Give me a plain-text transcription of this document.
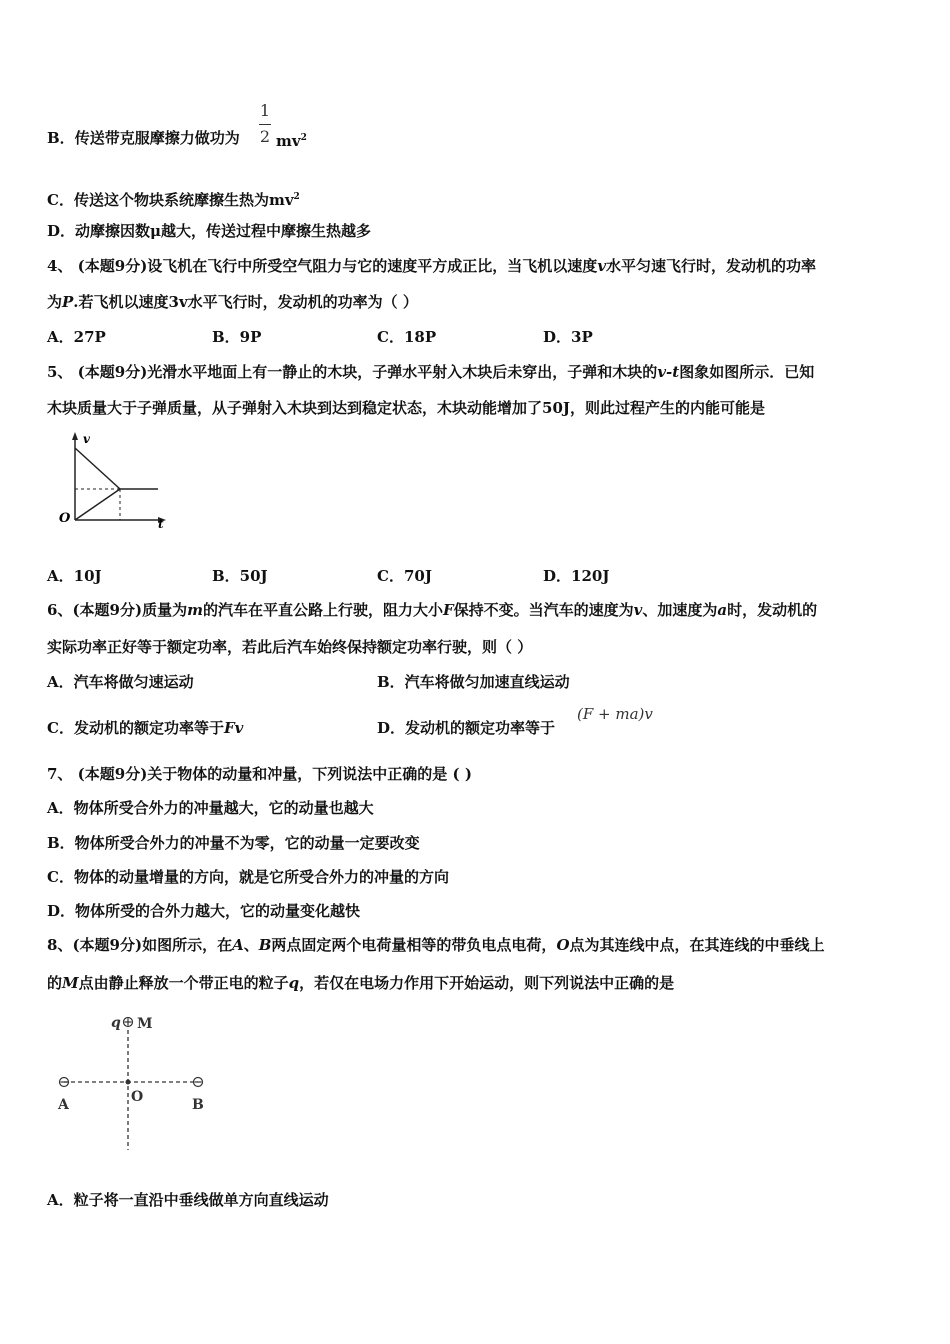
B．传送带克服摩擦力做功为
1
2 $mv^2$
C．传送这个物块系统摩擦生热为$mv^2$
D．动摩擦因数μ越大，传送过程中摩擦生热越多
4、 (本题9分)设飞机在飞行中所受空气阻力与它的速度平方成正比，当飞机以速度v水平匀速飞行时，发动机的功率
为P.若飞机以速度3v水平飞行时，发动机的功率为（ ）
A．27P	B．9P	C．18P	D．3P
5、 (本题9分)光滑水平地面上有一静止的木块，子弹水平射入木块后未穿出，子弹和木块的v-t图象如图所示．已知
木块质量大于子弹质量，从子弹射入木块到达到稳定状态，木块动能增加了50J，则此过程产生的内能可能是
v
t
O
A．10J	B．50J	C．70J	D．120J
6、(本题9分)质量为m的汽车在平直公路上行驶，阻力大小F保持不变。当汽车的速度为v、加速度为a时，发动机的
实际功率正好等于额定功率，若此后汽车始终保持额定功率行驶，则（ ）
A．汽车将做匀速运动	B．汽车将做匀加速直线运动
C．发动机的额定功率等于Fv	D．发动机的额定功率等于
(F + ma)v
7、 (本题9分)关于物体的动量和冲量，下列说法中正确的是 ( )
A．物体所受合外力的冲量越大，它的动量也越大
B．物体所受合外力的冲量不为零，它的动量一定要改变
C．物体的动量增量的方向，就是它所受合外力的冲量的方向
D．物体所受的合外力越大，它的动量变化越快
8、(本题9分)如图所示，在A、B两点固定两个电荷量相等的带负电点电荷，O点为其连线中点，在其连线的中垂线上
的M点由静止释放一个带正电的粒子q，若仅在电场力作用下开始运动，则下列说法中正确的是
q M
A	O	B
A．粒子将一直沿中垂线做单方向直线运动
